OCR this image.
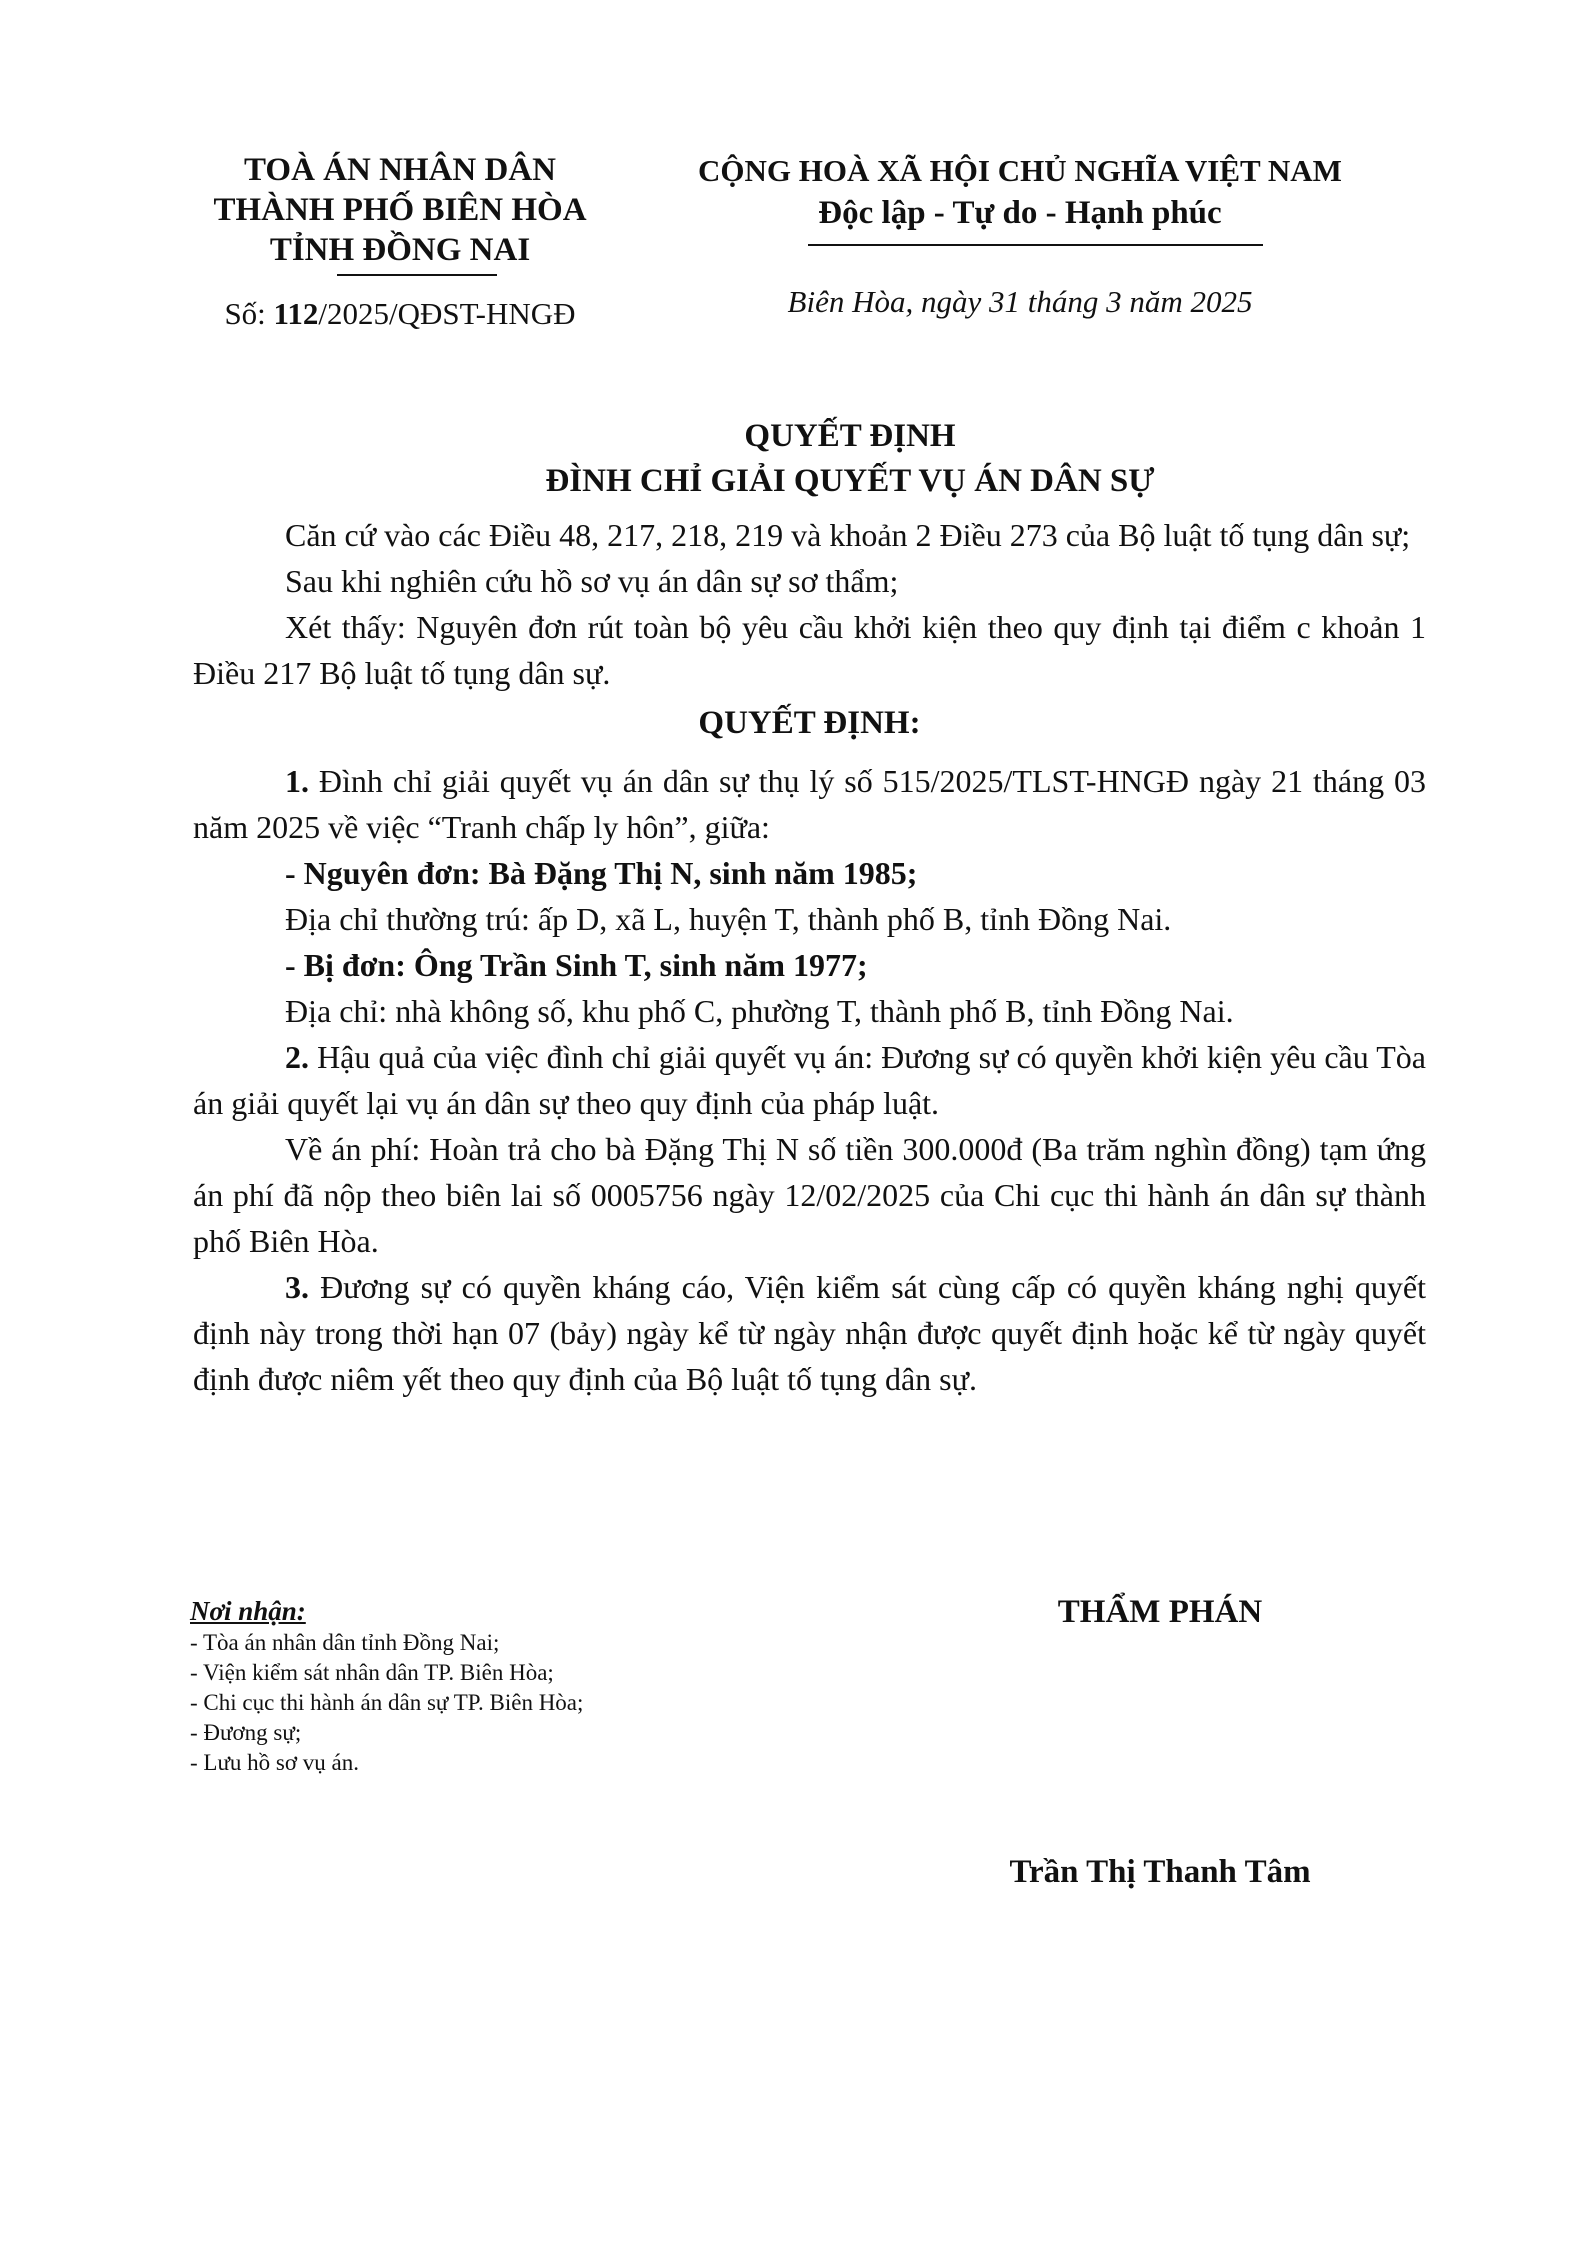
TOÀ ÁN NHÂN DÂN
THÀNH PHỐ BIÊN HÒA
TỈNH ĐỒNG NAI
Số: 112/2025/QĐST-HNGĐ
CỘNG HOÀ XÃ HỘI CHỦ NGHĨA VIỆT NAM
Độc lập - Tự do - Hạnh phúc
Biên Hòa, ngày 31 tháng 3 năm 2025
QUYẾT ĐỊNH
ĐÌNH CHỈ GIẢI QUYẾT VỤ ÁN DÂN SỰ

Căn cứ vào các Điều 48, 217, 218, 219 và khoản 2 Điều 273 của Bộ luật tố tụng dân sự;

Sau khi nghiên cứu hồ sơ vụ án dân sự sơ thẩm;

Xét thấy: Nguyên đơn rút toàn bộ yêu cầu khởi kiện theo quy định tại điểm c khoản 1 Điều 217 Bộ luật tố tụng dân sự.

QUYẾT ĐỊNH:

1. Đình chỉ giải quyết vụ án dân sự thụ lý số 515/2025/TLST-HNGĐ ngày 21 tháng 03 năm 2025 về việc “Tranh chấp ly hôn”, giữa:

- Nguyên đơn: Bà Đặng Thị N, sinh năm 1985;

Địa chỉ thường trú: ấp D, xã L, huyện T, thành phố B, tỉnh Đồng Nai.

- Bị đơn: Ông Trần Sinh T, sinh năm 1977;

Địa chỉ: nhà không số, khu phố C, phường T, thành phố B, tỉnh Đồng Nai.

2. Hậu quả của việc đình chỉ giải quyết vụ án: Đương sự có quyền khởi kiện yêu cầu Tòa án giải quyết lại vụ án dân sự theo quy định của pháp luật.

Về án phí: Hoàn trả cho bà Đặng Thị N số tiền 300.000đ (Ba trăm nghìn đồng) tạm ứng án phí đã nộp theo biên lai số 0005756 ngày 12/02/2025 của Chi cục thi hành án dân sự thành phố Biên Hòa.

3. Đương sự có quyền kháng cáo, Viện kiểm sát cùng cấp có quyền kháng nghị quyết định này trong thời hạn 07 (bảy) ngày kể từ ngày nhận được quyết định hoặc kể từ ngày quyết định được niêm yết theo quy định của Bộ luật tố tụng dân sự.

Nơi nhận:
- Tòa án nhân dân tỉnh Đồng Nai;
- Viện kiểm sát nhân dân TP. Biên Hòa;
- Chi cục thi hành án dân sự TP. Biên Hòa;
- Đương sự;
- Lưu hồ sơ vụ án.
THẨM PHÁN
Trần Thị Thanh Tâm
